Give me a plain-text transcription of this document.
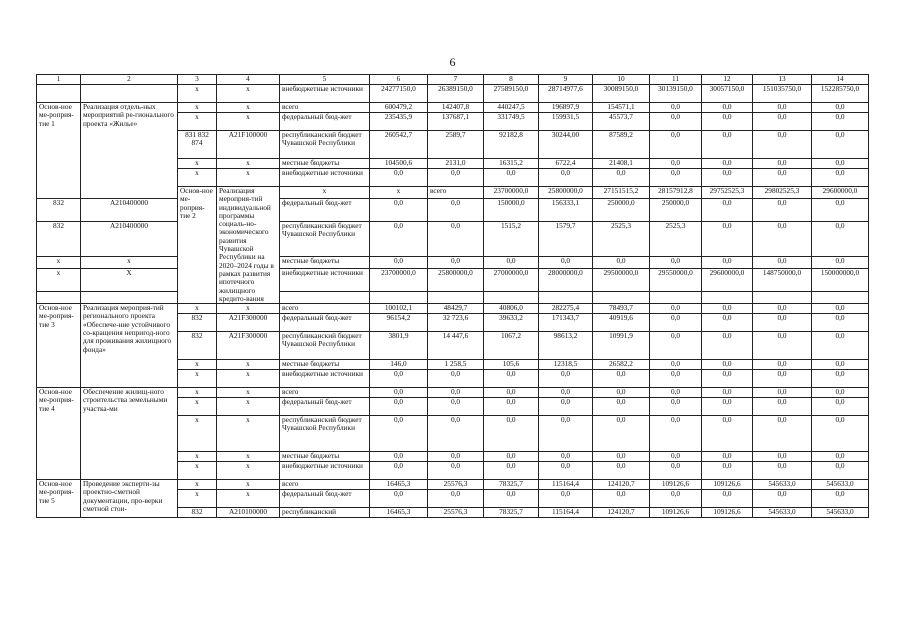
6
1	2	3	4	5	6	7	8	9	10	11	12	13	14	
		x	x	внебюджетные источники	24277150,0	26389150,0	27589150,0	28714977,6	30089150,0	30139150,0	30057150,0	151035750,0	152285750,0	
Основ-ное ме-роприя-тие 1	Реализация отдель-ных мероприятий ре-гионального проекта «Жилье»	x	x	всего	600479,2	142407,8	440247,5	196897,9	154571,1	0,0	0,0	0,0	0,0	
		x	x	федеральный бюд-жет	235435,9	137687,1	331749,5	159931,5	45573,7	0,0	0,0	0,0	0,0	
		831 832 874	A21F100000	республиканский бюджет Чувашской Республики	260542,7	2589,7	92182,8	30244,00	87589,2	0,0	0,0	0,0	0,0	
		x	x	местные бюджеты	104500,6	2131,0	16315,2	6722,4	21408,1	0,0	0,0	0,0	0,0	
		x	x	внебюджетные источники	0,0	0,0	0,0	0,0	0,0	0,0	0,0	0,0	0,0	
		Основ-ное ме-роприя-тие 2	Реализация мероприя-тий индивидуальной программы социаль-но-экономического развития Чувашской Республики на 2020–2024 годы в рамках развития ипотечного жилищного кредито-вания	x	x	всего	23700000,0	25800000,0	27151515,2	28157912,8	29752525,3	29802525,3	29600000,0		
832	A210400000			федеральный бюд-жет	0,0	0,0	150000,0	156333,1	250000,0	250000,0	0,0	0,0	0,0	
832	A210400000			республиканский бюджет Чувашской Республики	0,0	0,0	1515,2	1579,7	2525,3	2525,3	0,0	0,0	0,0	
x	x			местные бюджеты	0,0	0,0	0,0	0,0	0,0	0,0	0,0	0,0	0,0	
x	X			внебюджетные источники	23700000,0	25800000,0	27000000,0	28000000,0	29500000,0	29550000,0	29600000,0	148750000,0	150000000,0	

Основ-ное ме-роприя-тие 3	Реализация мероприя-тий регионального проекта «Обеспече-ние устойчивого со-кращения непригод-ного для проживания жилищного фонда»	x	x	всего	100102,1	48429,7	40806,0	282275,4	78493,7	0,0	0,0	0,0	0,0	
		832	A21F300000	федеральный бюд-жет	96154,2	32 723,6	39633,2	171343,7	40919,6	0,0	0,0	0,0	0,0	
		832	A21F300000	республиканский бюджет Чувашской Республики	3801,9	14 447,6	1067,2	98613,2	10991,9	0,0	0,0	0,0	0,0	
		x	x	местные бюджеты	146,0	1 258,5	105,6	12318,5	26582,2	0,0	0,0	0,0	0,0	
		x	x	внебюджетные источники	0,0	0,0	0,0	0,0	0,0	0,0	0,0	0,0	0,0	
Основ-ное ме-роприя-тие 4	Обеспечение жилищ-ного строительства земельными участка-ми	x	x	всего	0,0	0,0	0,0	0,0	0,0	0,0	0,0	0,0	0,0	
		x	x	федеральный бюд-жет	0,0	0,0	0,0	0,0	0,0	0,0	0,0	0,0	0,0	
		x	x	республиканский бюджет Чувашской Республики	0,0	0,0	0,0	0,0	0,0	0,0	0,0	0,0	0,0	
		x	x	местные бюджеты	0,0	0,0	0,0	0,0	0,0	0,0	0,0	0,0	0,0	
		x	x	внебюджетные источники	0,0	0,0	0,0	0,0	0,0	0,0	0,0	0,0	0,0	
Основ-ное ме-роприя-тие 5	Проведение эксперти-зы проектно-сметной документации, про-верки сметной стои-	x	x	всего	16465,3	25576,3	78325,7	115164,4	124120,7	109126,6	109126,6	545633,0	545633,0	
		x	x	федеральный бюд-жет	0,0	0,0	0,0	0,0	0,0	0,0	0,0	0,0	0,0	
		832	A210100000	республиканский	16465,3	25576,3	78325,7	115164,4	124120,7	109126,6	109126,6	545633,0	545633,0	
